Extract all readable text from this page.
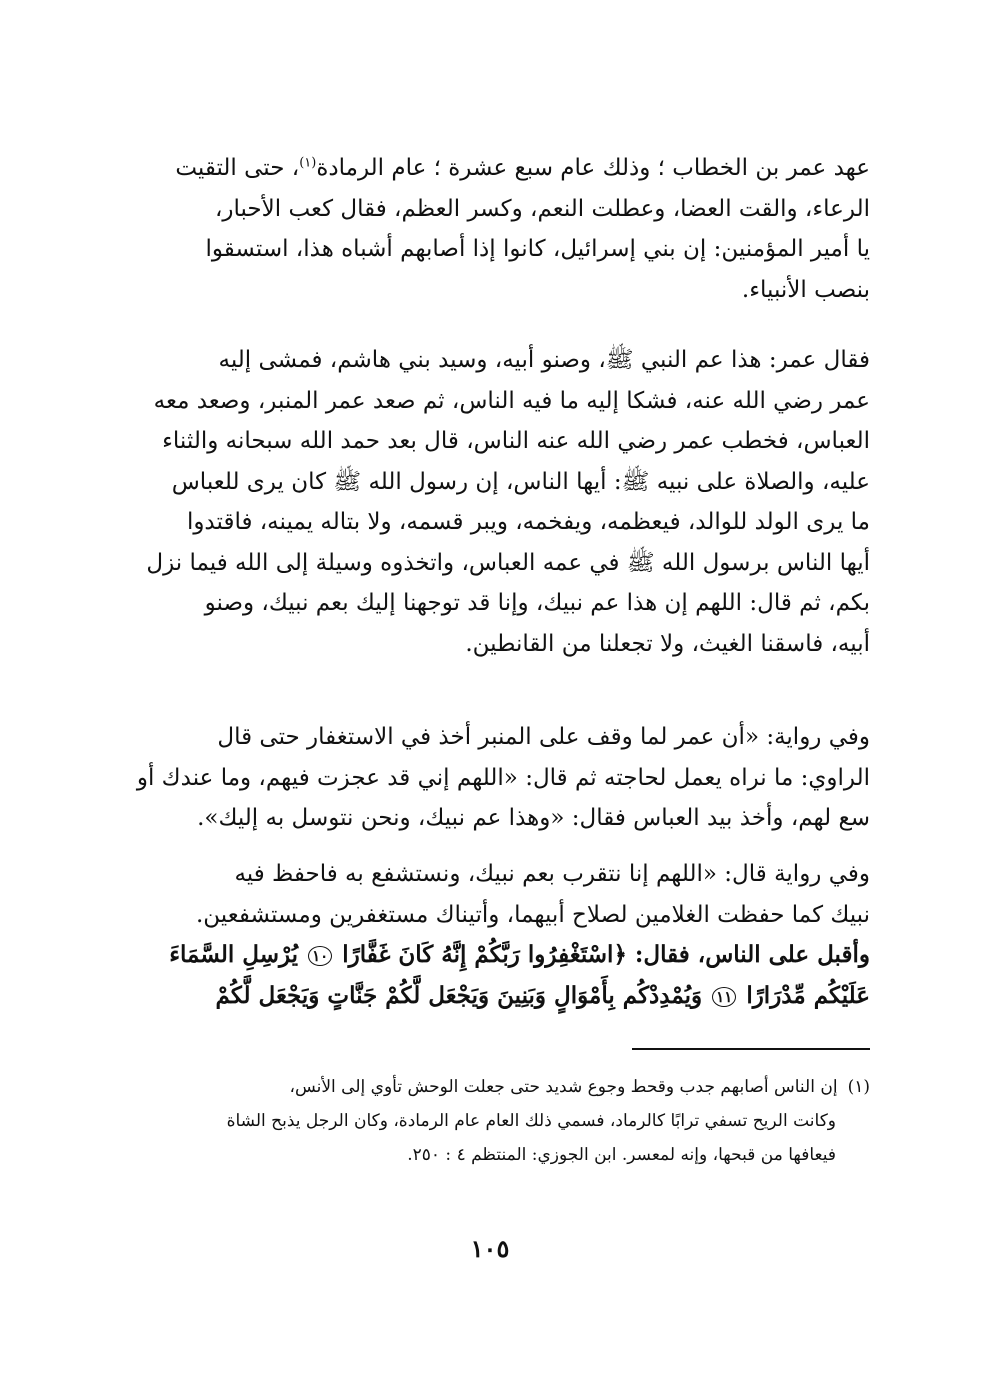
عهد عمر بن الخطاب ؛ وذلك عام سبع عشرة ؛ عام الرمادة$^{(١)}$، حتى التقيت
الرعاء، والقت العضا، وعطلت النعم، وكسر العظم، فقال كعب الأحبار،
يا أمير المؤمنين: إن بني إسرائيل، كانوا إذا أصابهم أشباه هذا، استسقوا
بنصب الأنبياء.
فقال عمر: هذا عم النبي ﷺ، وصنو أبيه، وسيد بني هاشم، فمشى إليه
عمر رضي الله عنه، فشكا إليه ما فيه الناس، ثم صعد عمر المنبر، وصعد معه
العباس، فخطب عمر رضي الله عنه الناس، قال بعد حمد الله سبحانه والثناء
عليه، والصلاة على نبيه ﷺ: أيها الناس، إن رسول الله ﷺ كان يرى للعباس
ما يرى الولد للوالد، فيعظمه، ويفخمه، ويبر قسمه، ولا بتاله يمينه، فاقتدوا
أيها الناس برسول الله ﷺ في عمه العباس، واتخذوه وسيلة إلى الله فيما نزل
بكم، ثم قال: اللهم إن هذا عم نبيك، وإنا قد توجهنا إليك بعم نبيك، وصنو
أبيه، فاسقنا الغيث، ولا تجعلنا من القانطين.
وفي رواية: «أن عمر لما وقف على المنبر أخذ في الاستغفار حتى قال
الراوي: ما نراه يعمل لحاجته ثم قال: «اللهم إني قد عجزت فيهم، وما عندك أو
سع لهم، وأخذ بيد العباس فقال: «وهذا عم نبيك، ونحن نتوسل به إليك».
وفي رواية قال: «اللهم إنا نتقرب بعم نبيك، ونستشفع به فاحفظ فيه
نبيك كما حفظت الغلامين لصلاح أبيهما، وأتيناك مستغفرين ومستشفعين.
وأقبل على الناس، فقال: ﴿اسْتَغْفِرُوا رَبَّكُمْ إِنَّهُ كَانَ غَفَّارًا ١٠ يُرْسِلِ السَّمَاءَ
عَلَيْكُم مِّدْرَارًا ١١ وَيُمْدِدْكُم بِأَمْوَالٍ وَبَنِينَ وَيَجْعَل لَّكُمْ جَنَّاتٍ وَيَجْعَل لَّكُمْ
(١)إن الناس أصابهم جدب وقحط وجوع شديد حتى جعلت الوحش تأوي إلى الأنس،
وكانت الريح تسفي ترابًا كالرماد، فسمي ذلك العام عام الرمادة، وكان الرجل يذبح الشاة
فيعافها من قبحها، وإنه لمعسر. ابن الجوزي: المنتظم ٤ : ٢٥٠.
١٠٥
